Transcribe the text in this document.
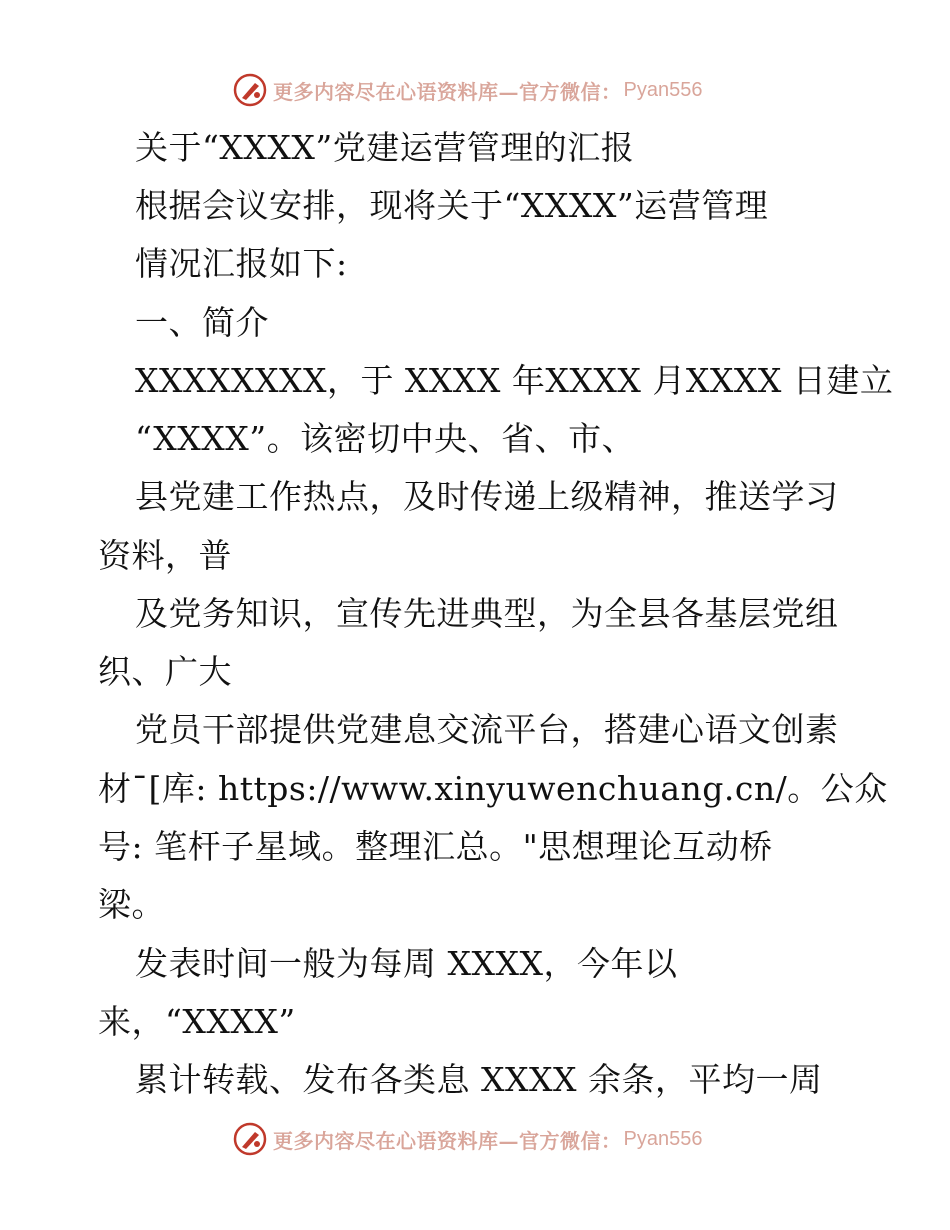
更多内容尽在心语资料库—官方微信： Pyan556
关于“XXXX”党建运营管理的汇报
根据会议安排，现将关于“XXXX”运营管理
情况汇报如下:
一、简介
XXXXXXXX，于 XXXX 年XXXX 月XXXX 日建立
“XXXX”。该密切中央、省、市、
县党建工作热点，及时传递上级精神，推送学习
资料，普
及党务知识，宣传先进典型，为全县各基层党组
织、广大
党员干部提供党建息交流平台，搭建心语文创素
材¯[库: https://www.xinyuwenchuang.cn/。公众
号: 笔杆子星域。整理汇总。"思想理论互动桥
梁。
发表时间一般为每周 XXXX，今年以
来，“XXXX”
累计转载、发布各类息 XXXX 余条，平均一周
更多内容尽在心语资料库—官方微信： Pyan556
